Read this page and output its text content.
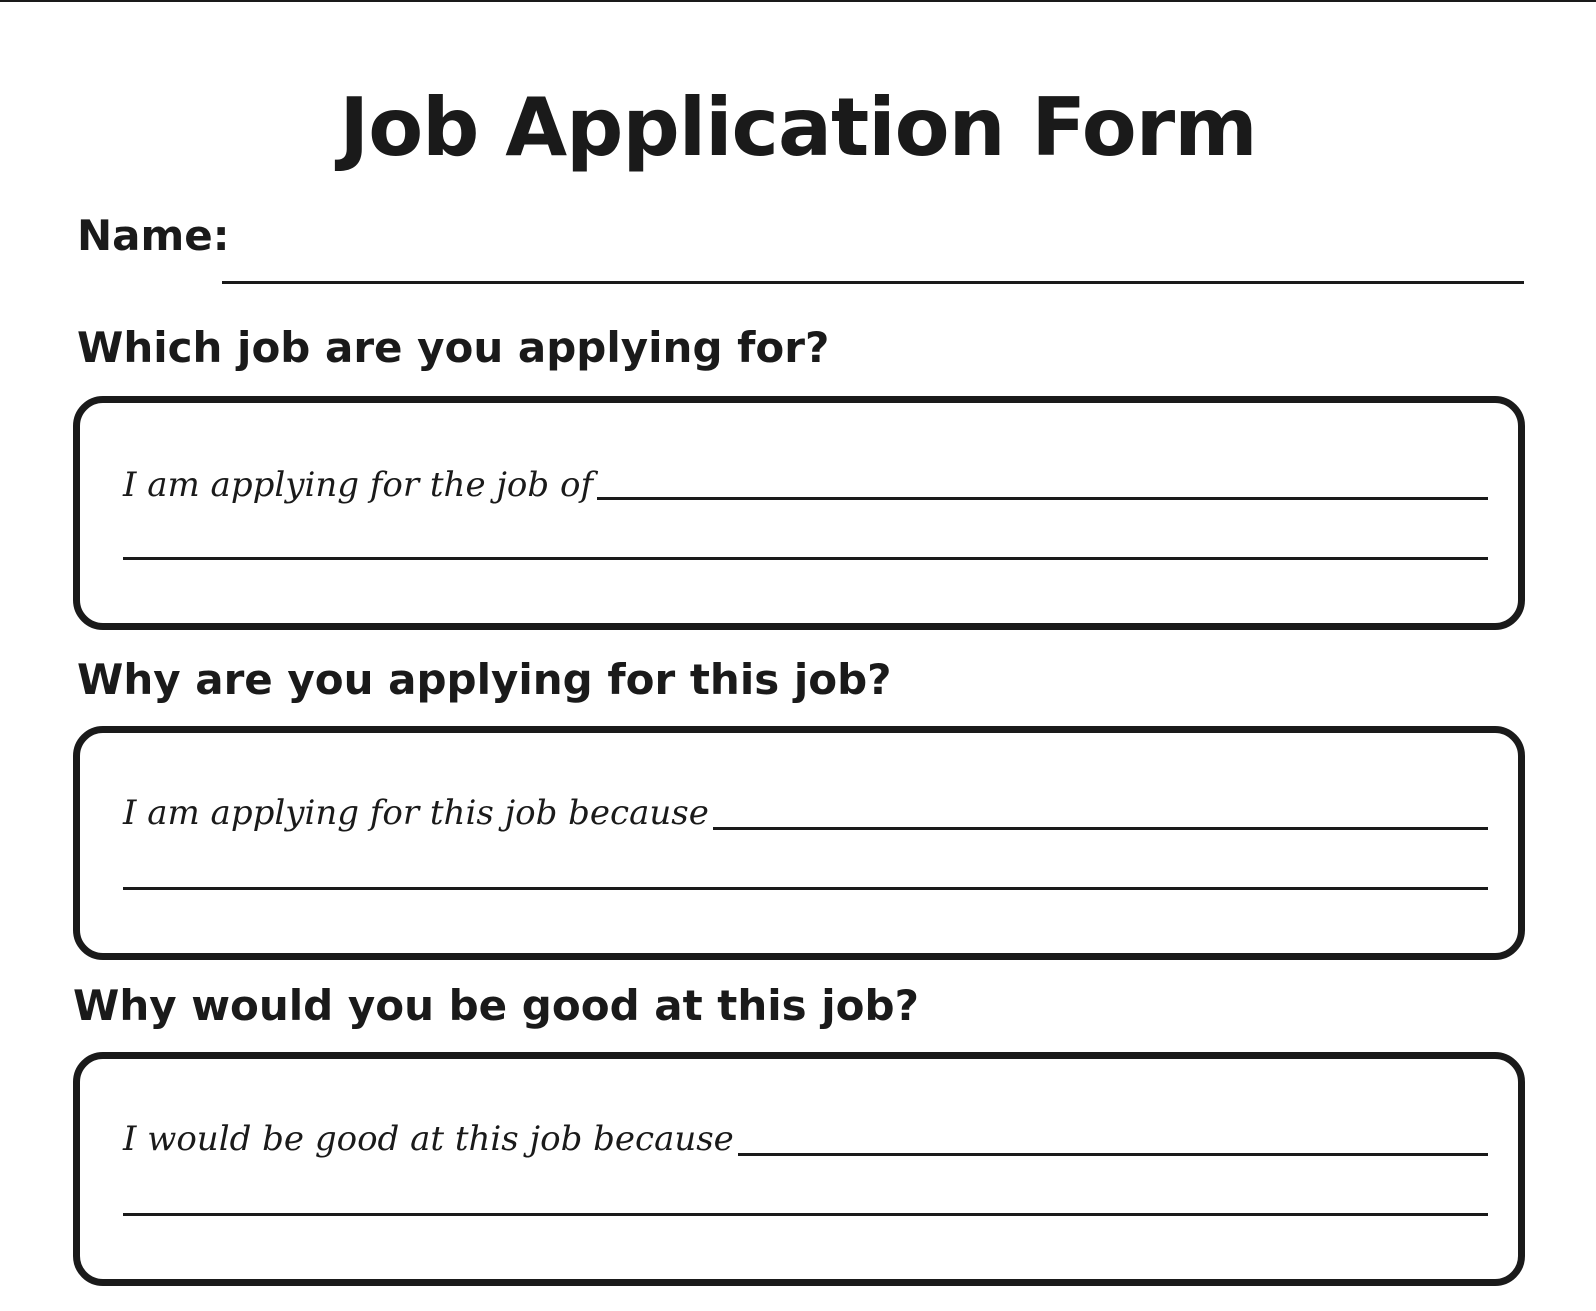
Job Application Form
Name:
Which job are you applying for?
I am applying for the job of
Why are you applying for this job?
I am applying for this job because
Why would you be good at this job?
I would be good at this job because
